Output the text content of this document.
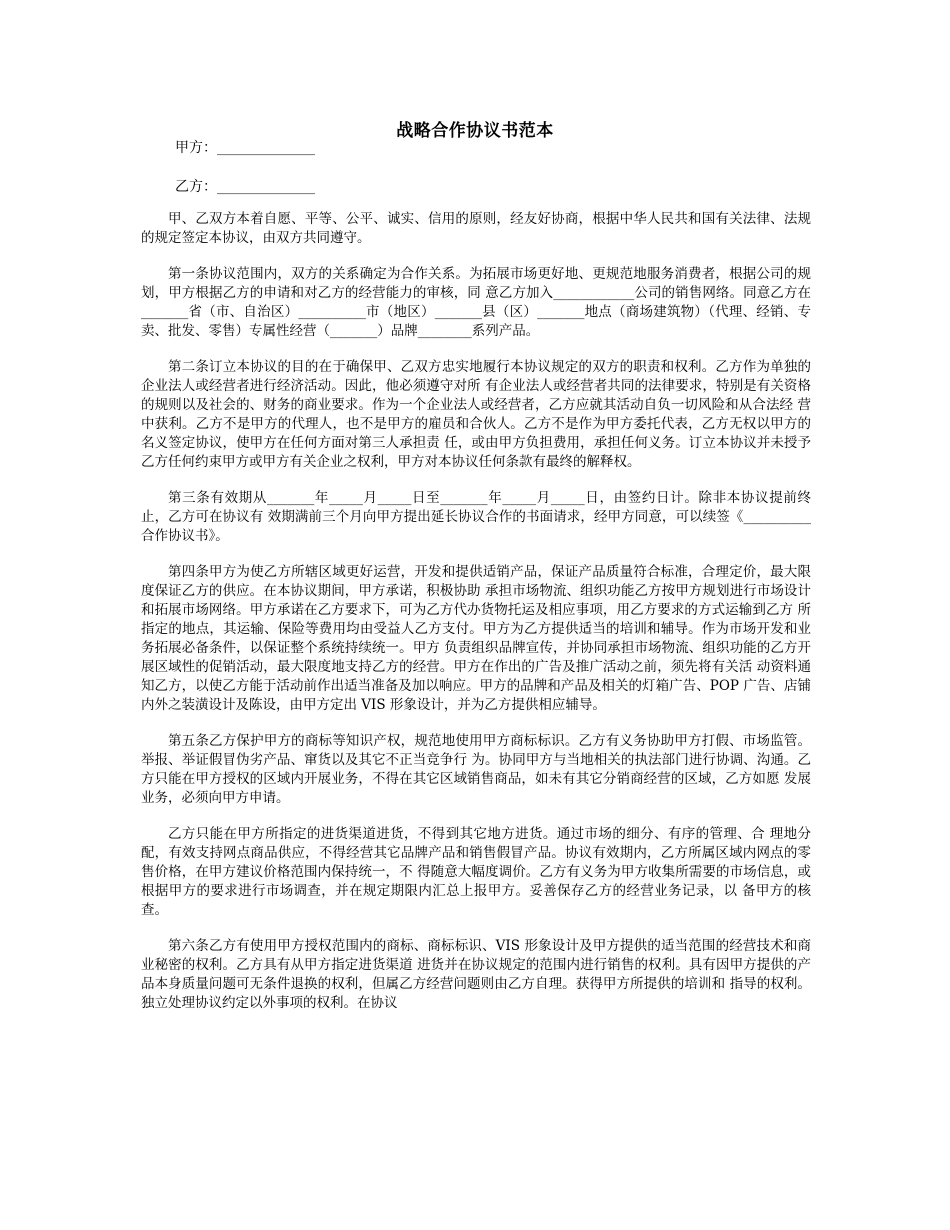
战略合作协议书范本
甲方：______________
乙方：______________

甲、乙双方本着自愿、平等、公平、诚实、信用的原则，经友好协商，根据中华人民共和国有关法律、法规的规定签定本协议，由双方共同遵守。

第一条协议范围内，双方的关系确定为合作关系。为拓展市场更好地、更规范地服务消费者，根据公司的规划，甲方根据乙方的申请和对乙方的经营能力的审核，同 意乙方加入____________公司的销售网络。同意乙方在_______省（市、自治区）__________市（地区）_______县（区）_______地点（商场建筑物）（代理、经销、专卖、批发、零售）专属性经营（_______）品牌________系列产品。

第二条订立本协议的目的在于确保甲、乙双方忠实地履行本协议规定的双方的职责和权利。乙方作为单独的企业法人或经营者进行经济活动。因此，他必须遵守对所 有企业法人或经营者共同的法律要求，特别是有关资格的规则以及社会的、财务的商业要求。作为一个企业法人或经营者，乙方应就其活动自负一切风险和从合法经 营中获利。乙方不是甲方的代理人，也不是甲方的雇员和合伙人。乙方不是作为甲方委托代表，乙方无权以甲方的名义签定协议，使甲方在任何方面对第三人承担责 任，或由甲方负担费用，承担任何义务。订立本协议并未授予乙方任何约束甲方或甲方有关企业之权利，甲方对本协议任何条款有最终的解释权。

第三条有效期从_______年_____月_____日至_______年_____月_____日，由签约日计。除非本协议提前终止，乙方可在协议有 效期满前三个月向甲方提出延长协议合作的书面请求，经甲方同意，可以续签《__________合作协议书》。

第四条甲方为使乙方所辖区域更好运营，开发和提供适销产品，保证产品质量符合标准，合理定价，最大限度保证乙方的供应。在本协议期间，甲方承诺，积极协助 承担市场物流、组织功能乙方按甲方规划进行市场设计和拓展市场网络。甲方承诺在乙方要求下，可为乙方代办货物托运及相应事项，用乙方要求的方式运输到乙方 所指定的地点，其运输、保险等费用均由受益人乙方支付。甲方为乙方提供适当的培训和辅导。作为市场开发和业务拓展必备条件，以保证整个系统持续统一。甲方 负责组织品牌宣传，并协同承担市场物流、组织功能的乙方开展区域性的促销活动，最大限度地支持乙方的经营。甲方在作出的广告及推广活动之前，须先将有关活 动资料通知乙方，以使乙方能于活动前作出适当准备及加以响应。甲方的品牌和产品及相关的灯箱广告、POP 广告、店铺内外之装潢设计及陈设，由甲方定出 VIS 形象设计，并为乙方提供相应辅导。

第五条乙方保护甲方的商标等知识产权，规范地使用甲方商标标识。乙方有义务协助甲方打假、市场监管。举报、举证假冒伪劣产品、窜货以及其它不正当竞争行 为。协同甲方与当地相关的执法部门进行协调、沟通。乙方只能在甲方授权的区域内开展业务，不得在其它区域销售商品，如未有其它分销商经营的区域，乙方如愿 发展业务，必须向甲方申请。

乙方只能在甲方所指定的进货渠道进货，不得到其它地方进货。通过市场的细分、有序的管理、合 理地分配，有效支持网点商品供应，不得经营其它品牌产品和销售假冒产品。协议有效期内，乙方所属区域内网点的零售价格，在甲方建议价格范围内保持统一，不 得随意大幅度调价。乙方有义务为甲方收集所需要的市场信息，或根据甲方的要求进行市场调查，并在规定期限内汇总上报甲方。妥善保存乙方的经营业务记录，以 备甲方的核查。

第六条乙方有使用甲方授权范围内的商标、商标标识、VIS 形象设计及甲方提供的适当范围的经营技术和商业秘密的权利。乙方具有从甲方指定进货渠道 进货并在协议规定的范围内进行销售的权利。具有因甲方提供的产品本身质量问题可无条件退换的权利，但属乙方经营问题则由乙方自理。获得甲方所提供的培训和 指导的权利。独立处理协议约定以外事项的权利。在协议
